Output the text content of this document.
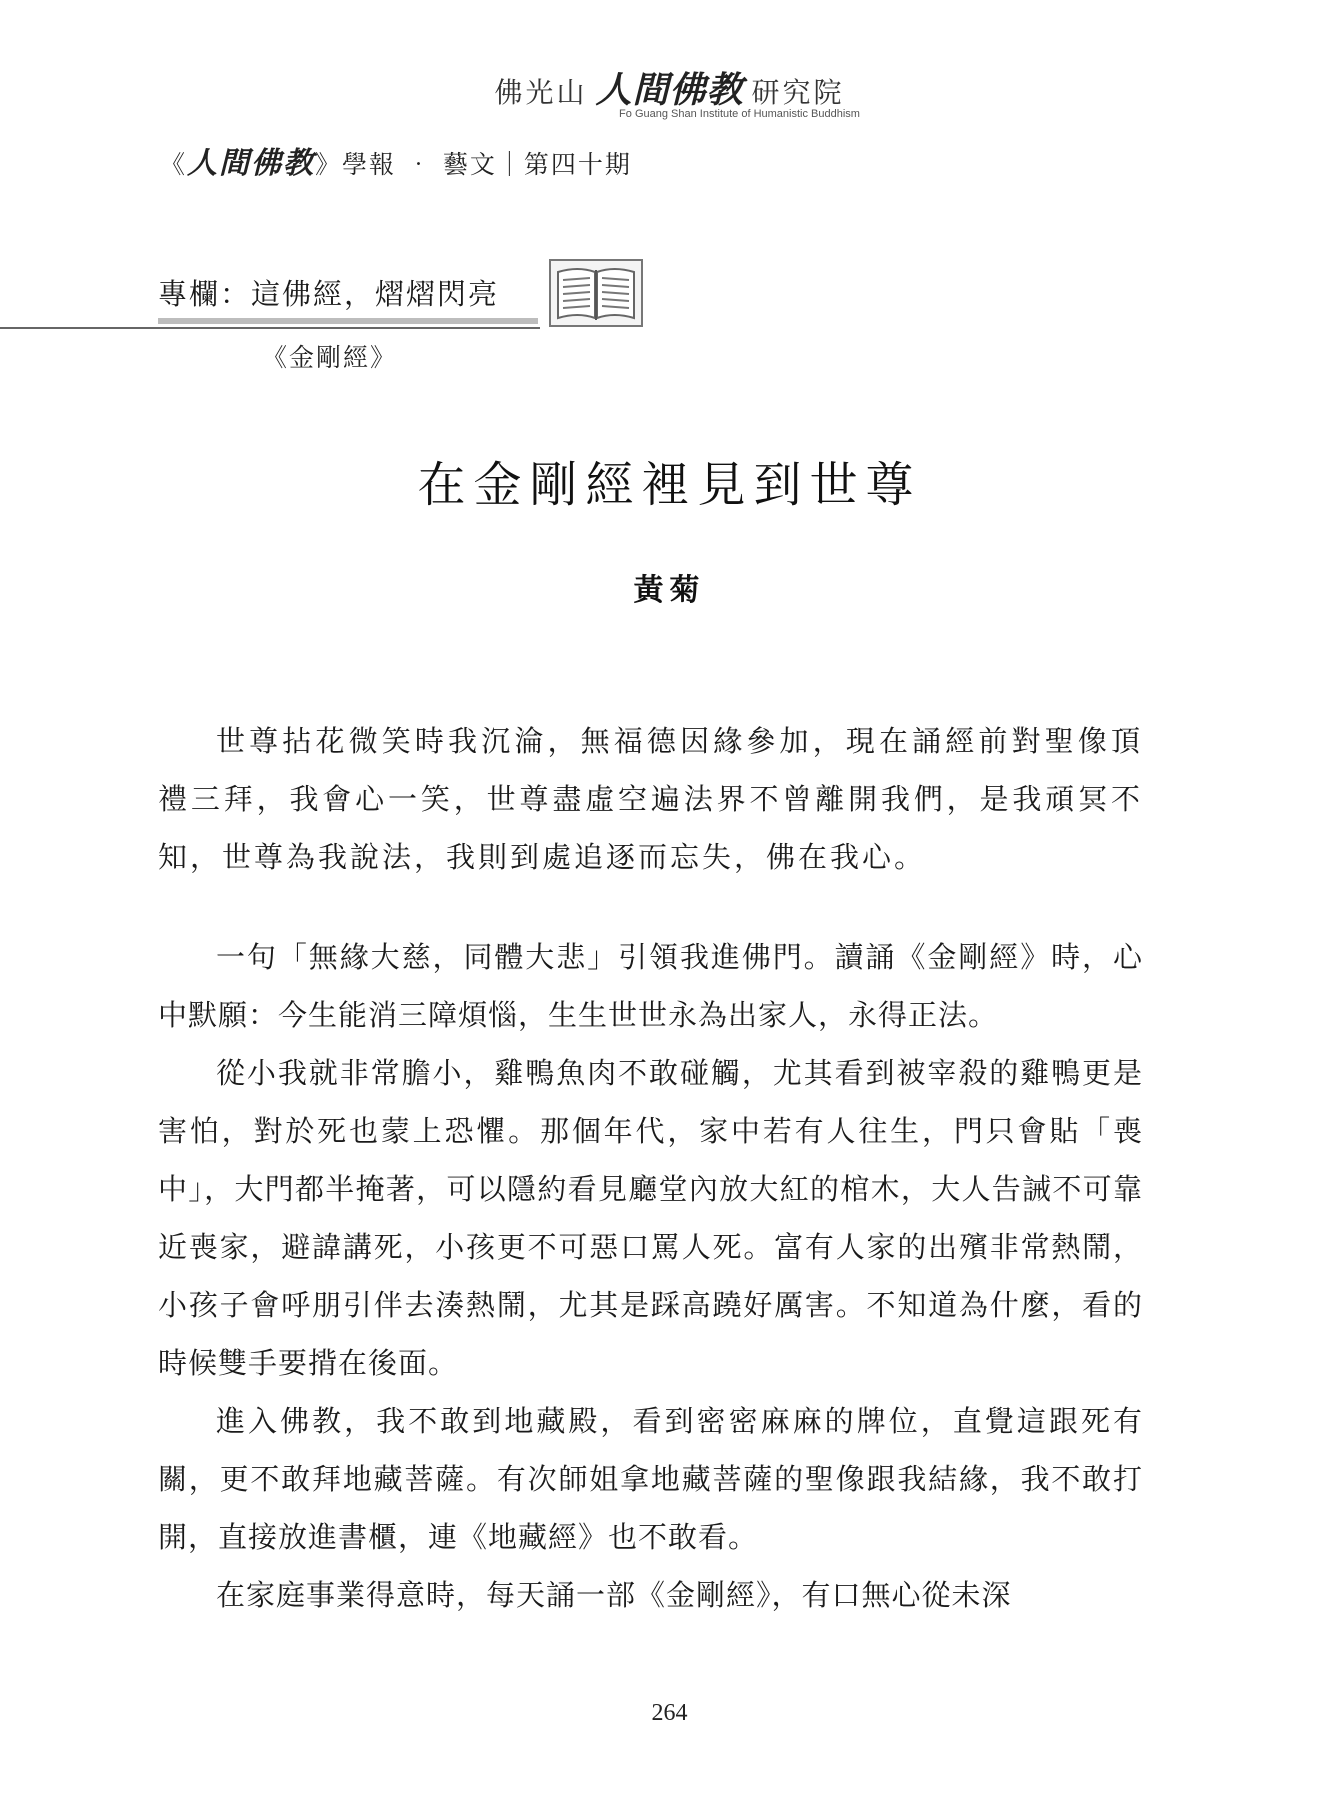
佛光山 人間佛教 研究院
Fo Guang Shan Institute of Humanistic Buddhism
《人間佛教》學報 ‧ 藝文｜第四十期
專欄：這佛經，熠熠閃亮
《金剛經》
在金剛經裡見到世尊
黃菊

世尊拈花微笑時我沉淪，無福德因緣參加，現在誦經前對聖像頂禮三拜，我會心一笑，世尊盡虛空遍法界不曾離開我們，是我頑冥不知，世尊為我說法，我則到處追逐而忘失，佛在我心。

一句「無緣大慈，同體大悲」引領我進佛門。讀誦《金剛經》時，心中默願：今生能消三障煩惱，生生世世永為出家人，永得正法。

從小我就非常膽小，雞鴨魚肉不敢碰觸，尤其看到被宰殺的雞鴨更是害怕，對於死也蒙上恐懼。那個年代，家中若有人往生，門只會貼「喪中」，大門都半掩著，可以隱約看見廳堂內放大紅的棺木，大人告誡不可靠近喪家，避諱講死，小孩更不可惡口罵人死。富有人家的出殯非常熱鬧，小孩子會呼朋引伴去湊熱鬧，尤其是踩高蹺好厲害。不知道為什麼，看的時候雙手要揹在後面。

進入佛教，我不敢到地藏殿，看到密密麻麻的牌位，直覺這跟死有關，更不敢拜地藏菩薩。有次師姐拿地藏菩薩的聖像跟我結緣，我不敢打開，直接放進書櫃，連《地藏經》也不敢看。

在家庭事業得意時，每天誦一部《金剛經》，有口無心從未深

264
